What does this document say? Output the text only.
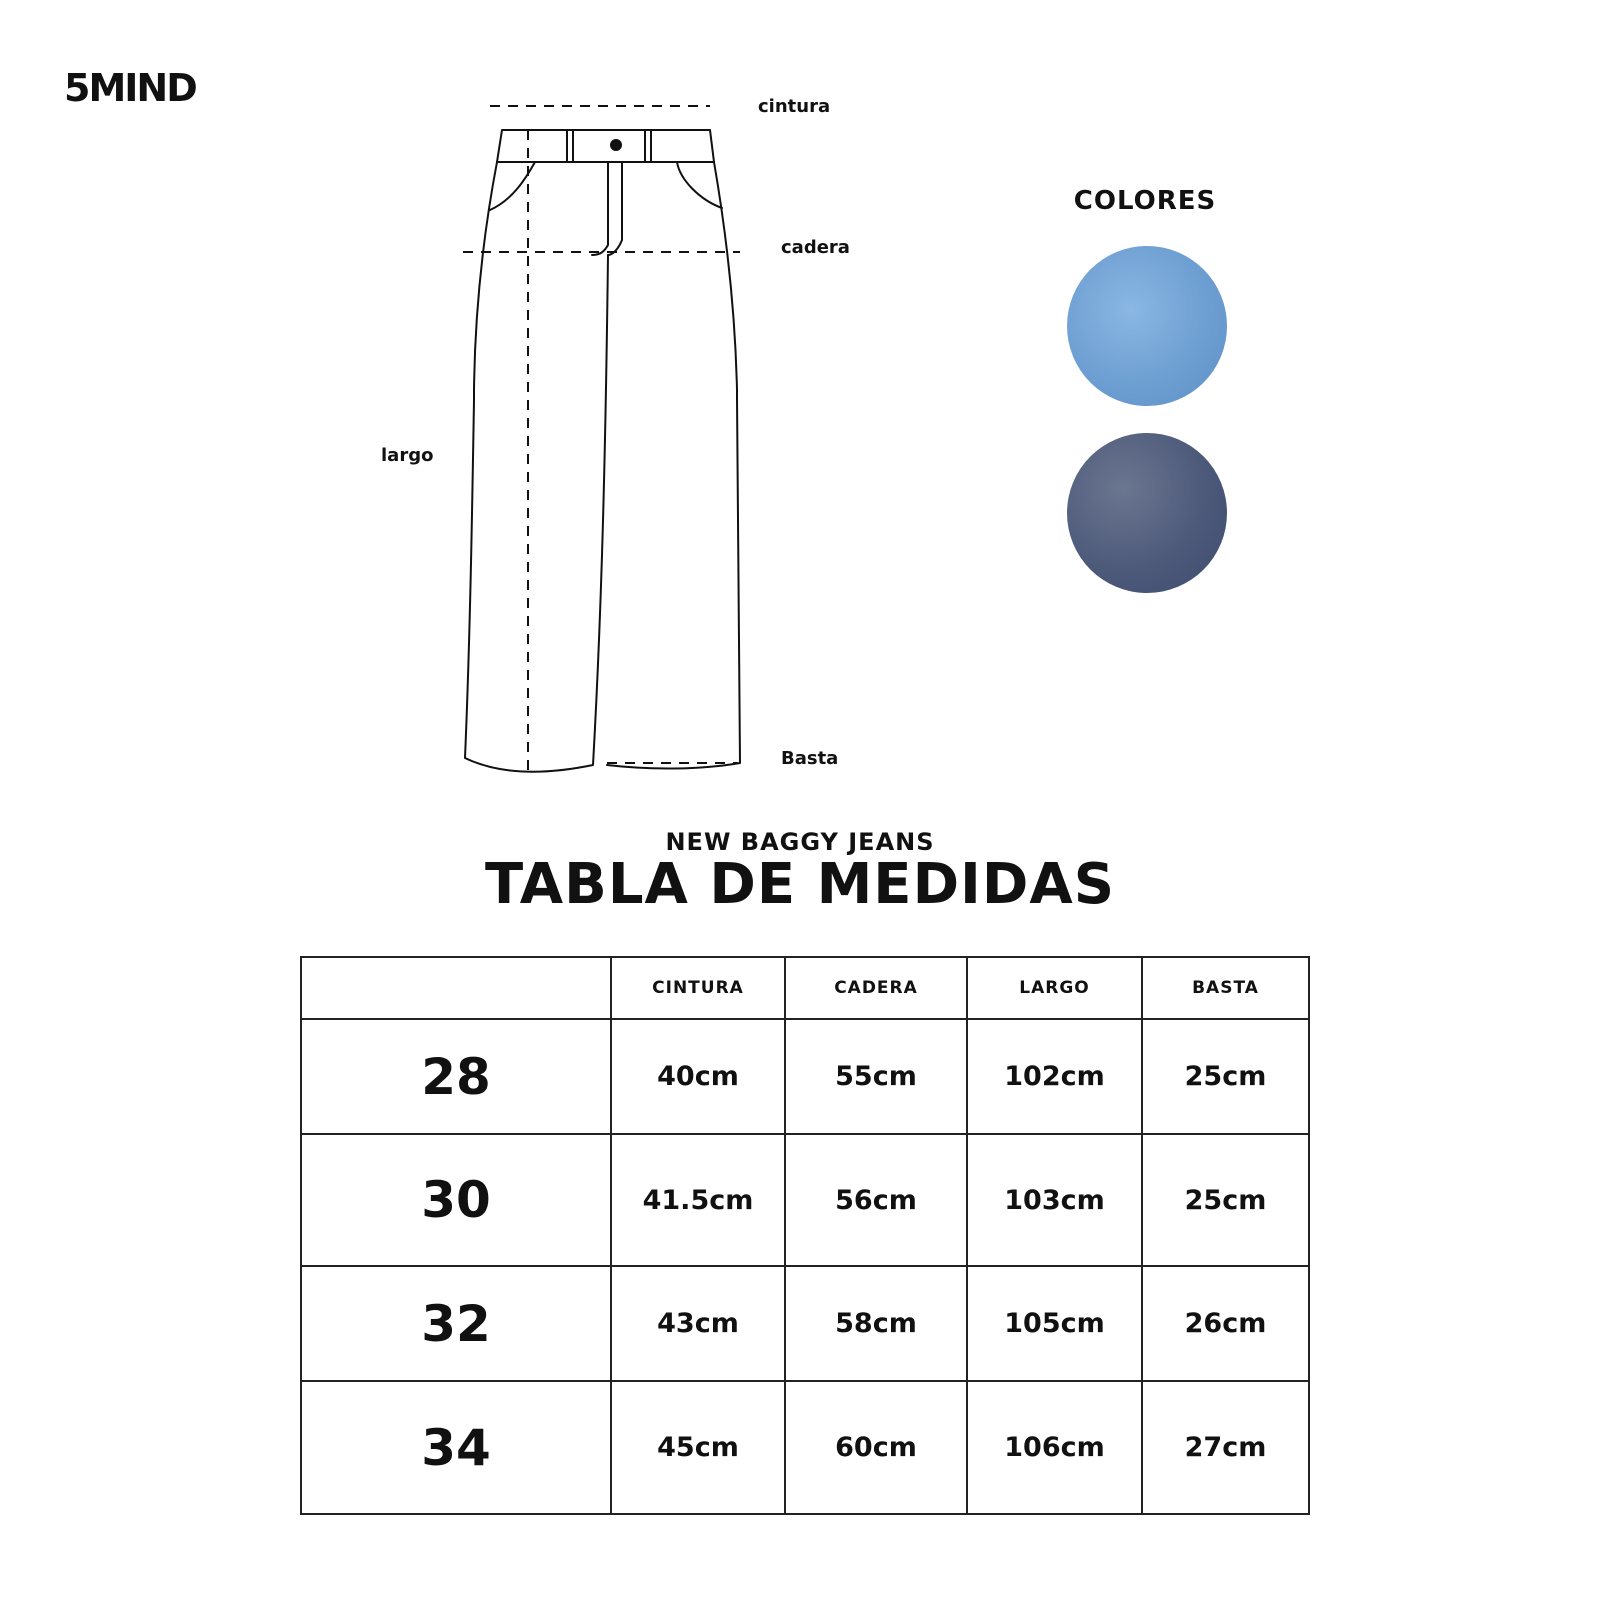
5MIND	cintura
cadera
largo
Basta
COLORES
NEW BAGGY JEANS
TABLA DE MEDIDAS
	CINTURA	CADERA	LARGO	BASTA
28	40cm	55cm	102cm	25cm
30	41.5cm	56cm	103cm	25cm
32	43cm	58cm	105cm	26cm
34	45cm	60cm	106cm	27cm
